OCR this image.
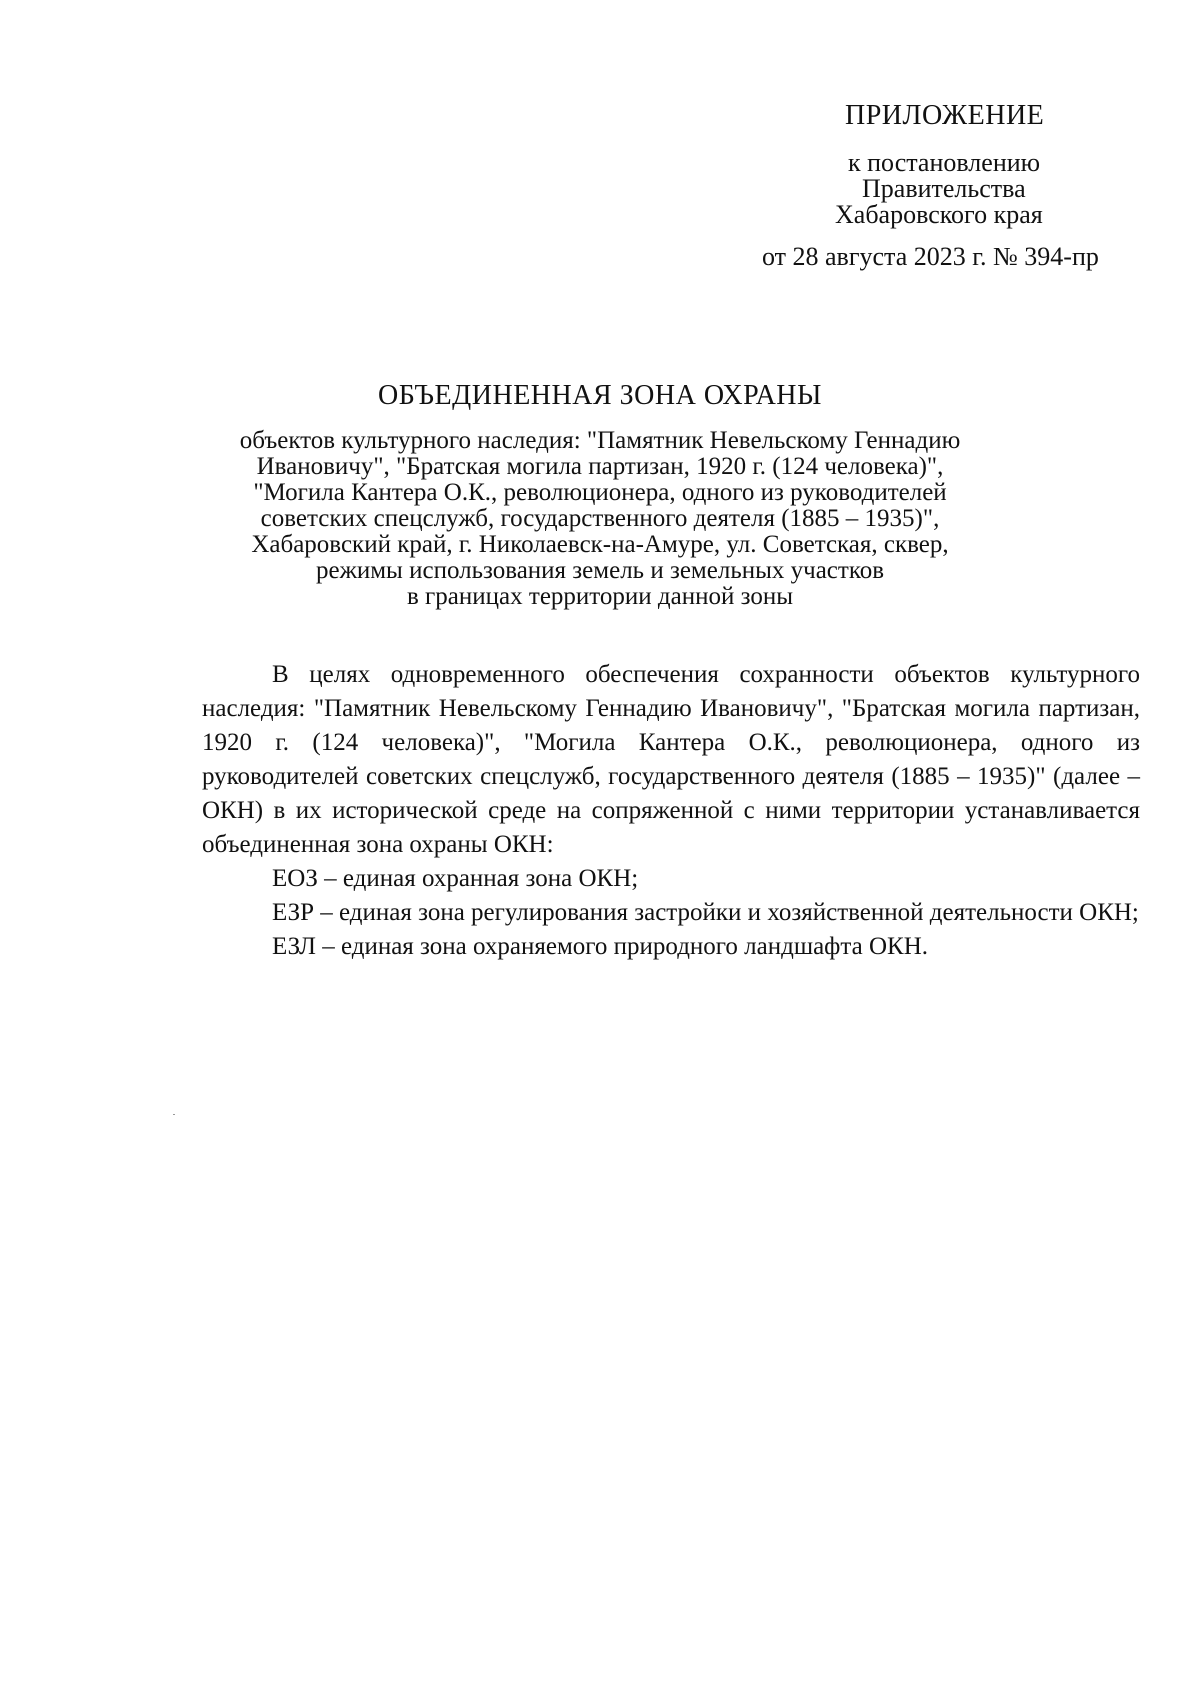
ПРИЛОЖЕНИЕ
к постановлению
Правительства
Хабаровского края
от 28 августа 2023 г. № 394-пр
ОБЪЕДИНЕННАЯ ЗОНА ОХРАНЫ
объектов культурного наследия: "Памятник Невельскому Геннадию
Ивановичу", "Братская могила партизан, 1920 г. (124 человека)",
"Могила Кантера О.К., революционера, одного из руководителей
советских спецслужб, государственного деятеля (1885 – 1935)",
Хабаровский край, г. Николаевск-на-Амуре, ул. Советская, сквер,
режимы использования земель и земельных участков
в границах территории данной зоны

В целях одновременного обеспечения сохранности объектов культурного наследия: "Памятник Невельскому Геннадию Ивановичу", "Братская могила партизан, 1920 г. (124 человека)", "Могила Кантера О.К., революционера, одного из руководителей советских спецслужб, государственного деятеля (1885 – 1935)" (далее – ОКН) в их исторической среде на сопряженной с ними территории устанавливается объединенная зона охраны ОКН:

ЕОЗ – единая охранная зона ОКН;

ЕЗР – единая зона регулирования застройки и хозяйственной деятельности ОКН;

ЕЗЛ – единая зона охраняемого природного ландшафта ОКН.
